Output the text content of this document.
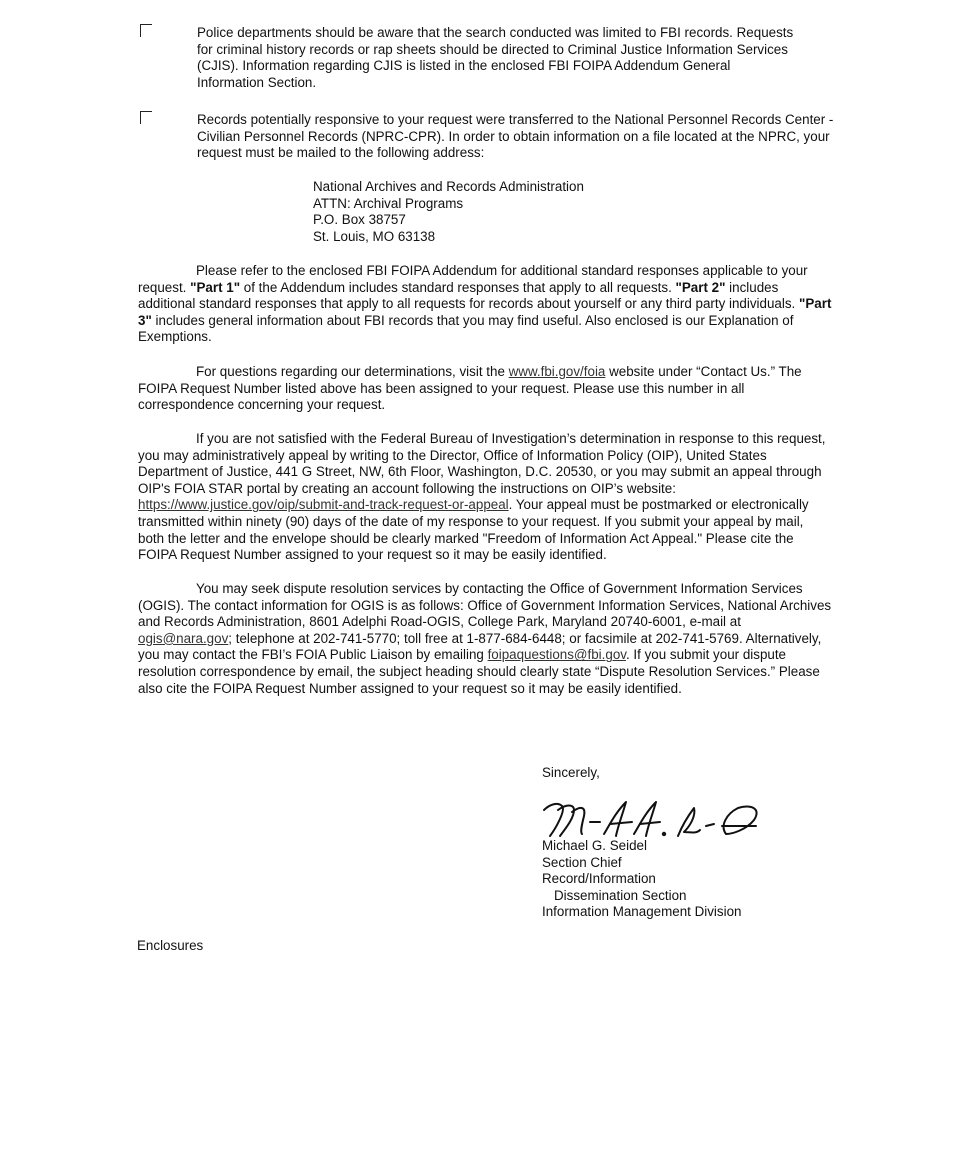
Police departments should be aware that the search conducted was limited to FBI records. Requests for criminal history records or rap sheets should be directed to Criminal Justice Information Services (CJIS). Information regarding CJIS is listed in the enclosed FBI FOIPA Addendum General Information Section.

Records potentially responsive to your request were transferred to the National Personnel Records Center - Civilian Personnel Records (NPRC-CPR). In order to obtain information on a file located at the NPRC, your request must be mailed to the following address:

National Archives and Records Administration
ATTN: Archival Programs
P.O. Box 38757
St. Louis, MO 63138

Please refer to the enclosed FBI FOIPA Addendum for additional standard responses applicable to your request. "Part 1" of the Addendum includes standard responses that apply to all requests. "Part 2" includes additional standard responses that apply to all requests for records about yourself or any third party individuals. "Part 3" includes general information about FBI records that you may find useful. Also enclosed is our Explanation of Exemptions.

For questions regarding our determinations, visit the www.fbi.gov/foia website under “Contact Us.” The FOIPA Request Number listed above has been assigned to your request. Please use this number in all correspondence concerning your request.

If you are not satisfied with the Federal Bureau of Investigation’s determination in response to this request, you may administratively appeal by writing to the Director, Office of Information Policy (OIP), United States Department of Justice, 441 G Street, NW, 6th Floor, Washington, D.C. 20530, or you may submit an appeal through OIP's FOIA STAR portal by creating an account following the instructions on OIP’s website: https://www.justice.gov/oip/submit-and-track-request-or-appeal. Your appeal must be postmarked or electronically transmitted within ninety (90) days of the date of my response to your request. If you submit your appeal by mail, both the letter and the envelope should be clearly marked "Freedom of Information Act Appeal." Please cite the FOIPA Request Number assigned to your request so it may be easily identified.

You may seek dispute resolution services by contacting the Office of Government Information Services (OGIS). The contact information for OGIS is as follows: Office of Government Information Services, National Archives and Records Administration, 8601 Adelphi Road-OGIS, College Park, Maryland 20740-6001, e-mail at ogis@nara.gov; telephone at 202-741-5770; toll free at 1-877-684-6448; or facsimile at 202-741-5769. Alternatively, you may contact the FBI’s FOIA Public Liaison by emailing foipaquestions@fbi.gov. If you submit your dispute resolution correspondence by email, the subject heading should clearly state “Dispute Resolution Services.” Please also cite the FOIPA Request Number assigned to your request so it may be easily identified.

Sincerely,
Michael G. Seidel
Section Chief
Record/Information
Dissemination Section
Information Management Division
Enclosures
